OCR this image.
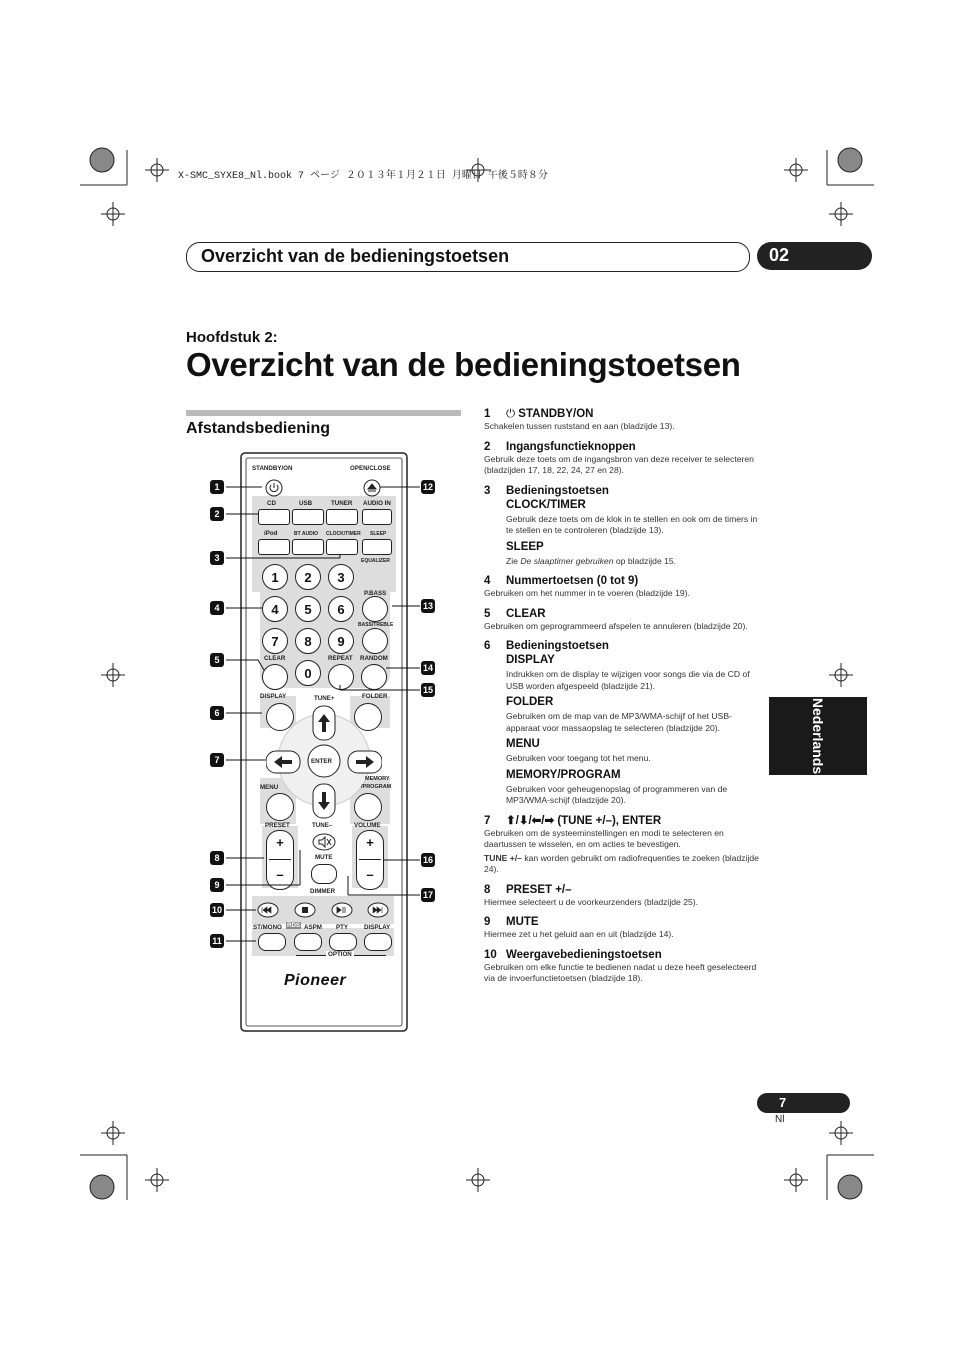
X-SMC_SYXE8_Nl.book 7 ページ ２０１３年１月２１日 月曜日 午後５時８分
Overzicht van de bedieningstoetsen	02
Hoofdstuk 2:
Overzicht van de bedieningstoetsen
Afstandsbediening
Nederlands
STANDBY/ON	OPEN/CLOSE
CD	USB	TUNER AUDIO IN
iPod	BT AUDIO CLOCK/TIMER SLEEP
1	2	3
4	5	6
7	8	9
0
EQUALIZER
P.BASS
BASS/TREBLE
CLEAR	REPEAT RANDOM
DISPLAY	TUNE+	FOLDER
ENTER
MENU
MEMORY
/PROGRAM
PRESET	TUNE–	VOLUME
+
–
+
–
MUTE
DIMMER
ST/MONO RDS ASPM PTY	DISPLAY
OPTION
Pioneer
1
2
3
4
5
6
7
8
9
10
11
12
13
14
15
16
17
1 ⏻ STANDBY/ON
Schakelen tussen ruststand en aan (bladzijde 13).
2 Ingangsfunctieknoppen
Gebruik deze toets om de ingangsbron van deze receiver te selecteren (bladzijden 17, 18, 22, 24, 27 en 28).
3 Bedieningstoetsen
CLOCK/TIMER
Gebruik deze toets om de klok in te stellen en ook om de timers in te stellen en te controleren (bladzijde 13).
SLEEP
Zie De slaaptimer gebruiken op bladzijde 15.
4 Nummertoetsen (0 tot 9)
Gebruiken om het nummer in te voeren (bladzijde 19).
5 CLEAR
Gebruiken om geprogrammeerd afspelen te annuleren (bladzijde 20).
6 Bedieningstoetsen
DISPLAY
Indrukken om de display te wijzigen voor songs die via de CD of USB worden afgespeeld (bladzijde 21).
FOLDER
Gebruiken om de map van de MP3/WMA-schijf of het USB-apparaat voor massaopslag te selecteren (bladzijde 20).
MENU
Gebruiken voor toegang tot het menu.
MEMORY/PROGRAM
Gebruiken voor geheugenopslag of programmeren van de MP3/WMA-schijf (bladzijde 20).
7 ⬆/⬇/⬅/➡ (TUNE +/–), ENTER
Gebruiken om de systeeminstellingen en modi te selecteren en daartussen te wisselen, en om acties te bevestigen.
TUNE +/– kan worden gebruikt om radiofrequenties te zoeken (bladzijde 24).
8 PRESET +/–
Hiermee selecteert u de voorkeurzenders (bladzijde 25).
9 MUTE
Hiermee zet u het geluid aan en uit (bladzijde 14).
10 Weergavebedieningstoetsen
Gebruiken om elke functie te bedienen nadat u deze heeft geselecteerd via de invoerfunctietoetsen (bladzijde 18).
7
Nl
